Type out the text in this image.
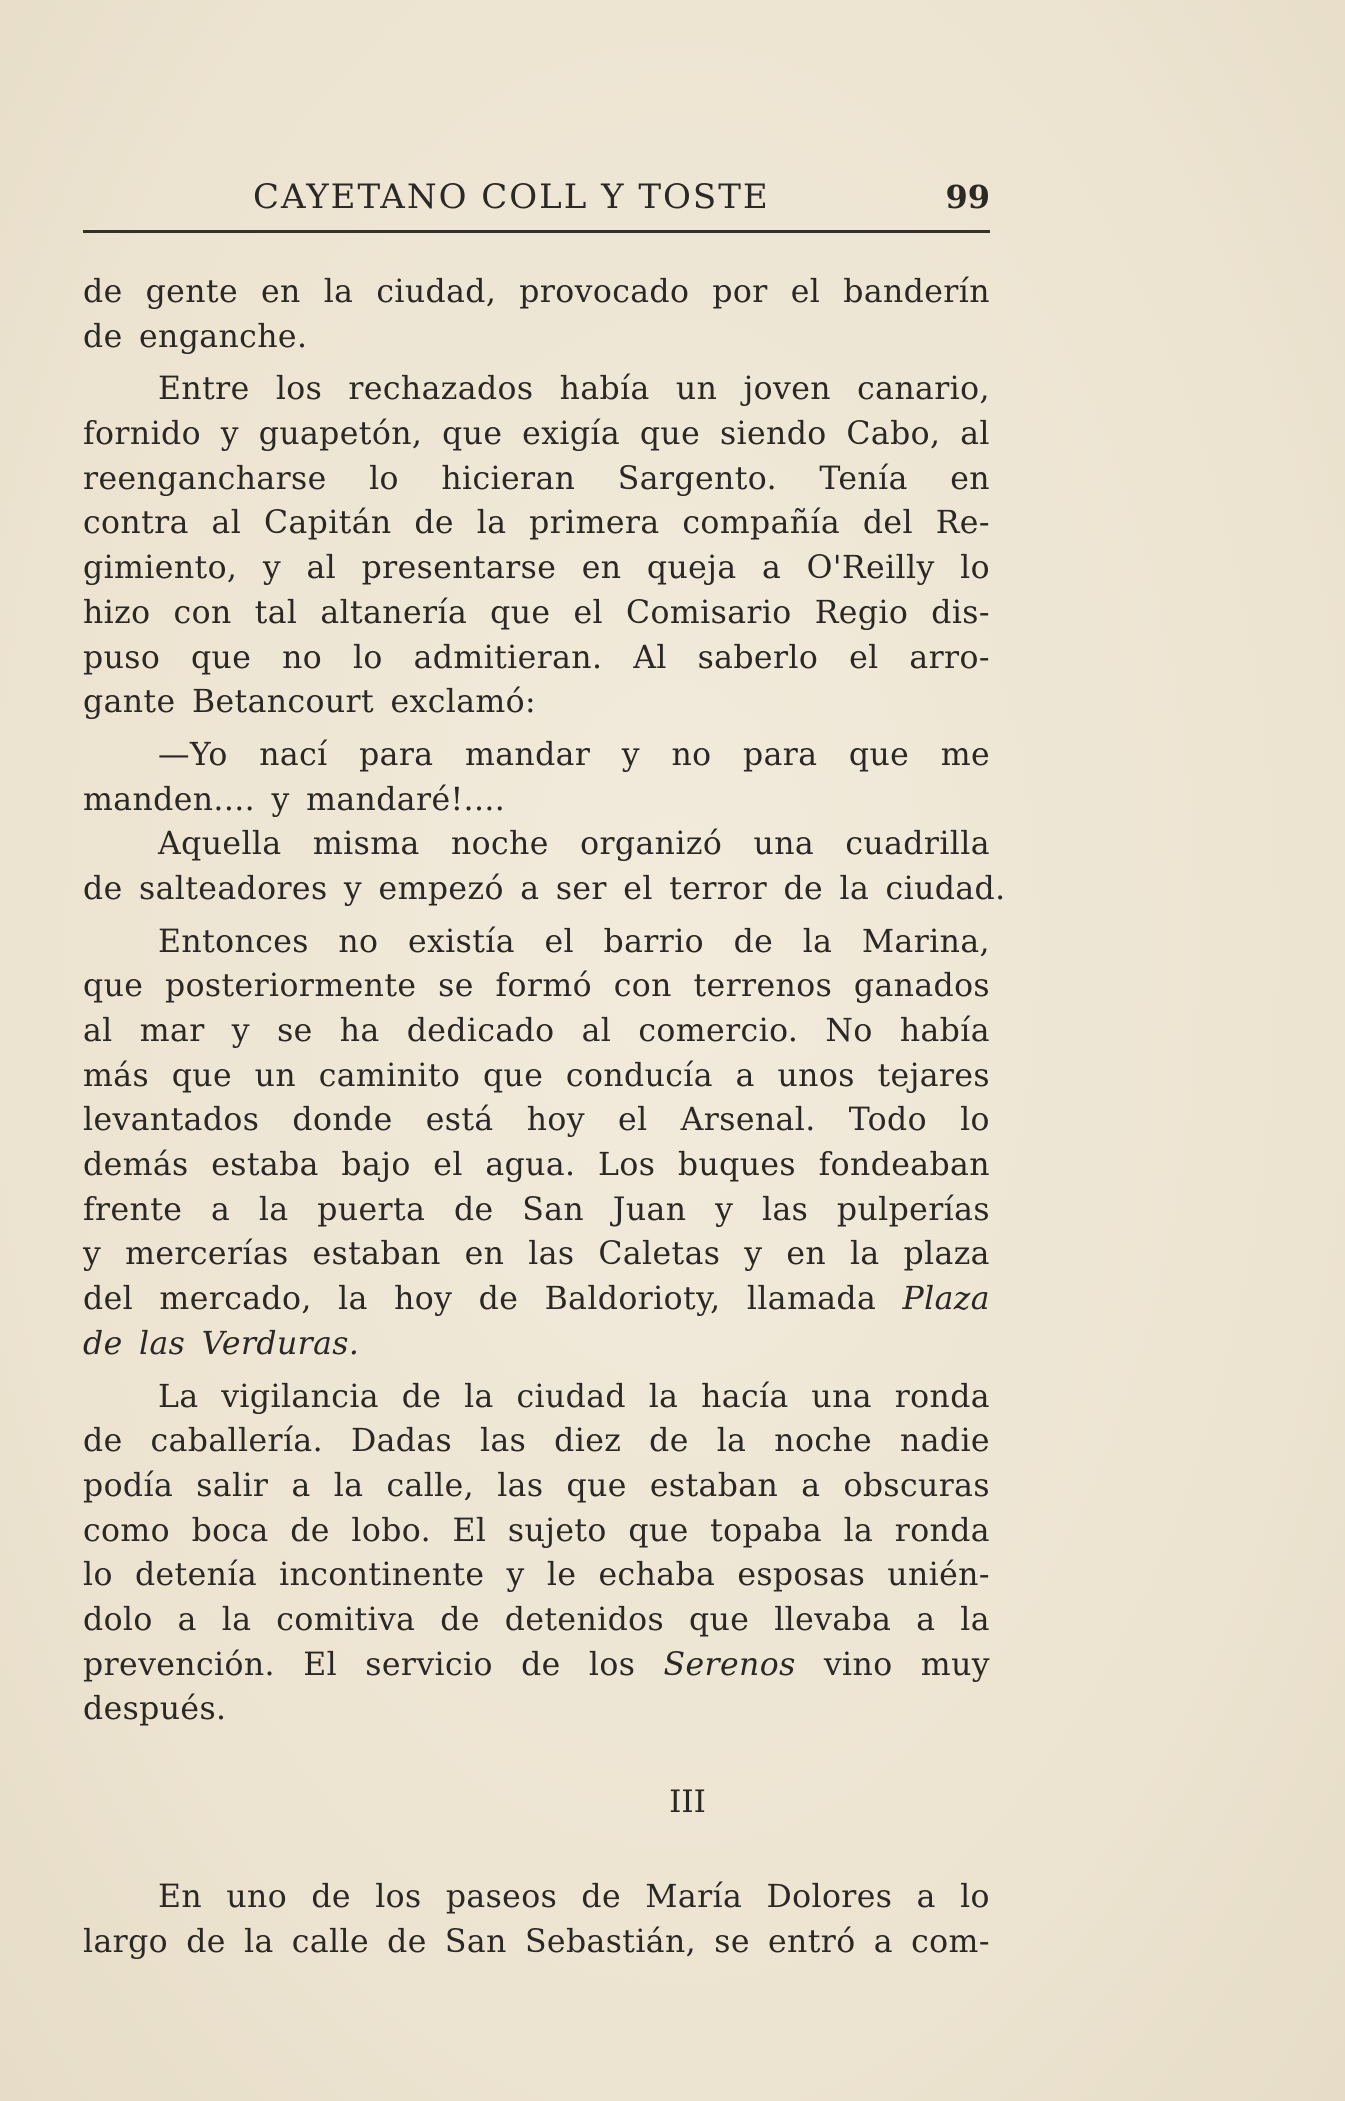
CAYETANO COLL Y TOSTE	99
de gente en la ciudad, provocado por el banderín
de enganche.
Entre los rechazados había un joven canario,
fornido y guapetón, que exigía que siendo Cabo, al
reengancharse lo hicieran Sargento. Tenía en
contra al Capitán de la primera compañía del Re-
gimiento, y al presentarse en queja a O'Reilly lo
hizo con tal altanería que el Comisario Regio dis-
puso que no lo admitieran. Al saberlo el arro-
gante Betancourt exclamó:
—Yo nací para mandar y no para que me
manden.... y mandaré!....
Aquella misma noche organizó una cuadrilla
de salteadores y empezó a ser el terror de la ciudad.
Entonces no existía el barrio de la Marina,
que posteriormente se formó con terrenos ganados
al mar y se ha dedicado al comercio. No había
más que un caminito que conducía a unos tejares
levantados donde está hoy el Arsenal. Todo lo
demás estaba bajo el agua. Los buques fondeaban
frente a la puerta de San Juan y las pulperías
y mercerías estaban en las Caletas y en la plaza
del mercado, la hoy de Baldorioty, llamada Plaza
de las Verduras.
La vigilancia de la ciudad la hacía una ronda
de caballería. Dadas las diez de la noche nadie
podía salir a la calle, las que estaban a obscuras
como boca de lobo. El sujeto que topaba la ronda
lo detenía incontinente y le echaba esposas unién-
dolo a la comitiva de detenidos que llevaba a la
prevención. El servicio de los Serenos vino muy
después.
III
En uno de los paseos de María Dolores a lo
largo de la calle de San Sebastián, se entró a com-
